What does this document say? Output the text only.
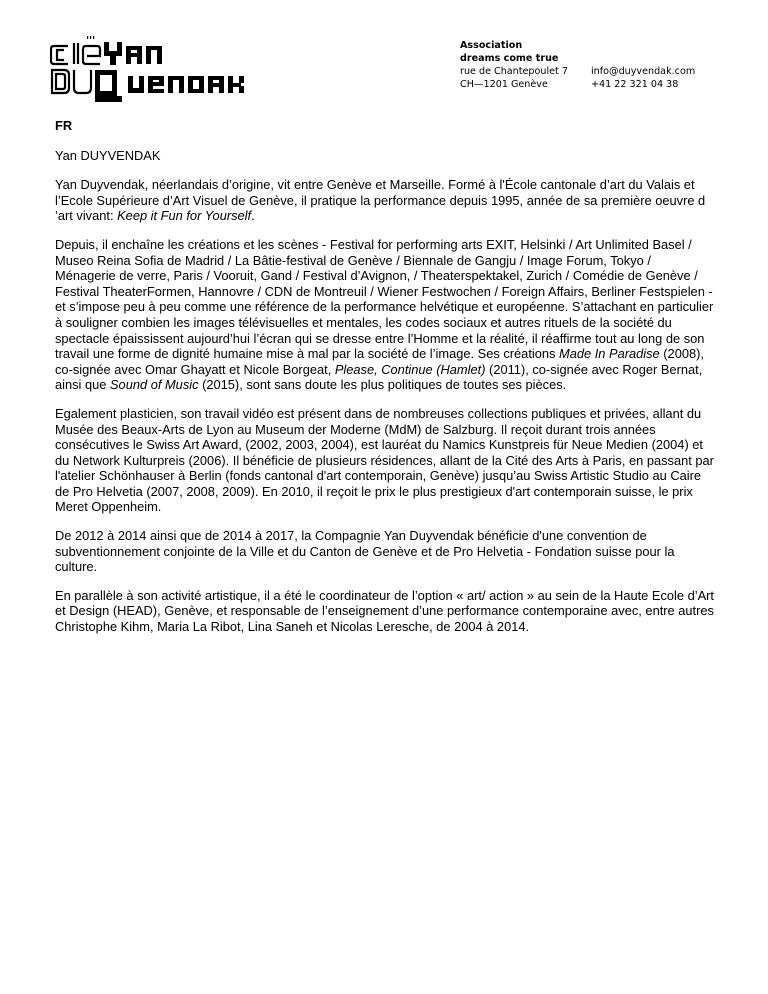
Association
dreams come true
rue de Chantepoulet 7
CH—1201 Genève
info@duyvendak.com
+41 22 321 04 38

FR

Yan DUYVENDAK

Yan Duyvendak, néerlandais d’origine, vit entre Genève et Marseille. Formé à l'École cantonale d’art du Valais et l’Ecole Supérieure d’Art Visuel de Genève, il pratique la performance depuis 1995, année de sa première oeuvre d ’art vivant: Keep it Fun for Yourself.

Depuis, il enchaîne les créations et les scènes - Festival for performing arts EXIT, Helsinki / Art Unlimited Basel / Museo Reina Sofia de Madrid / La Bâtie-festival de Genève / Biennale de Gangju / Image Forum, Tokyo / Ménagerie de verre, Paris / Vooruit, Gand / Festival d’Avignon, / Theaterspektakel, Zurich / Comédie de Genève / Festival TheaterFormen, Hannovre / CDN de Montreuil / Wiener Festwochen / Foreign Affairs, Berliner Festspielen - et s’impose peu à peu comme une référence de la performance helvétique et européenne. S’attachant en particulier à souligner combien les images télévisuelles et mentales, les codes sociaux et autres rituels de la société du spectacle épaississent aujourd’hui l’écran qui se dresse entre l’Homme et la réalité, il réaffirme tout au long de son travail une forme de dignité humaine mise à mal par la société de l’image. Ses créations Made In Paradise (2008), co-signée avec Omar Ghayatt et Nicole Borgeat, Please, Continue (Hamlet) (2011), co-signée avec Roger Bernat, ainsi que Sound of Music (2015), sont sans doute les plus politiques de toutes ses pièces.

Egalement plasticien, son travail vidéo est présent dans de nombreuses collections publiques et privées, allant du Musée des Beaux-Arts de Lyon au Museum der Moderne (MdM) de Salzburg. Il reçoit durant trois années consécutives le Swiss Art Award, (2002, 2003, 2004), est lauréat du Namics Kunstpreis für Neue Medien (2004) et du Network Kulturpreis (2006). Il bénéficie de plusieurs résidences, allant de la Cité des Arts à Paris, en passant par l'atelier Schönhauser à Berlin (fonds cantonal d'art contemporain, Genève) jusqu’au Swiss Artistic Studio au Caire de Pro Helvetia (2007, 2008, 2009). En 2010, il reçoit le prix le plus prestigieux d'art contemporain suisse, le prix Meret Oppenheim.

De 2012 à 2014 ainsi que de 2014 à 2017, la Compagnie Yan Duyvendak bénéficie d'une convention de subventionnement conjointe de la Ville et du Canton de Genève et de Pro Helvetia - Fondation suisse pour la culture.

En parallèle à son activité artistique, il a été le coordinateur de l’option « art/ action » au sein de la Haute Ecole d’Art et Design (HEAD), Genève, et responsable de l’enseignement d’une performance contemporaine avec, entre autres Christophe Kihm, Maria La Ribot, Lina Saneh et Nicolas Leresche, de 2004 à 2014.
